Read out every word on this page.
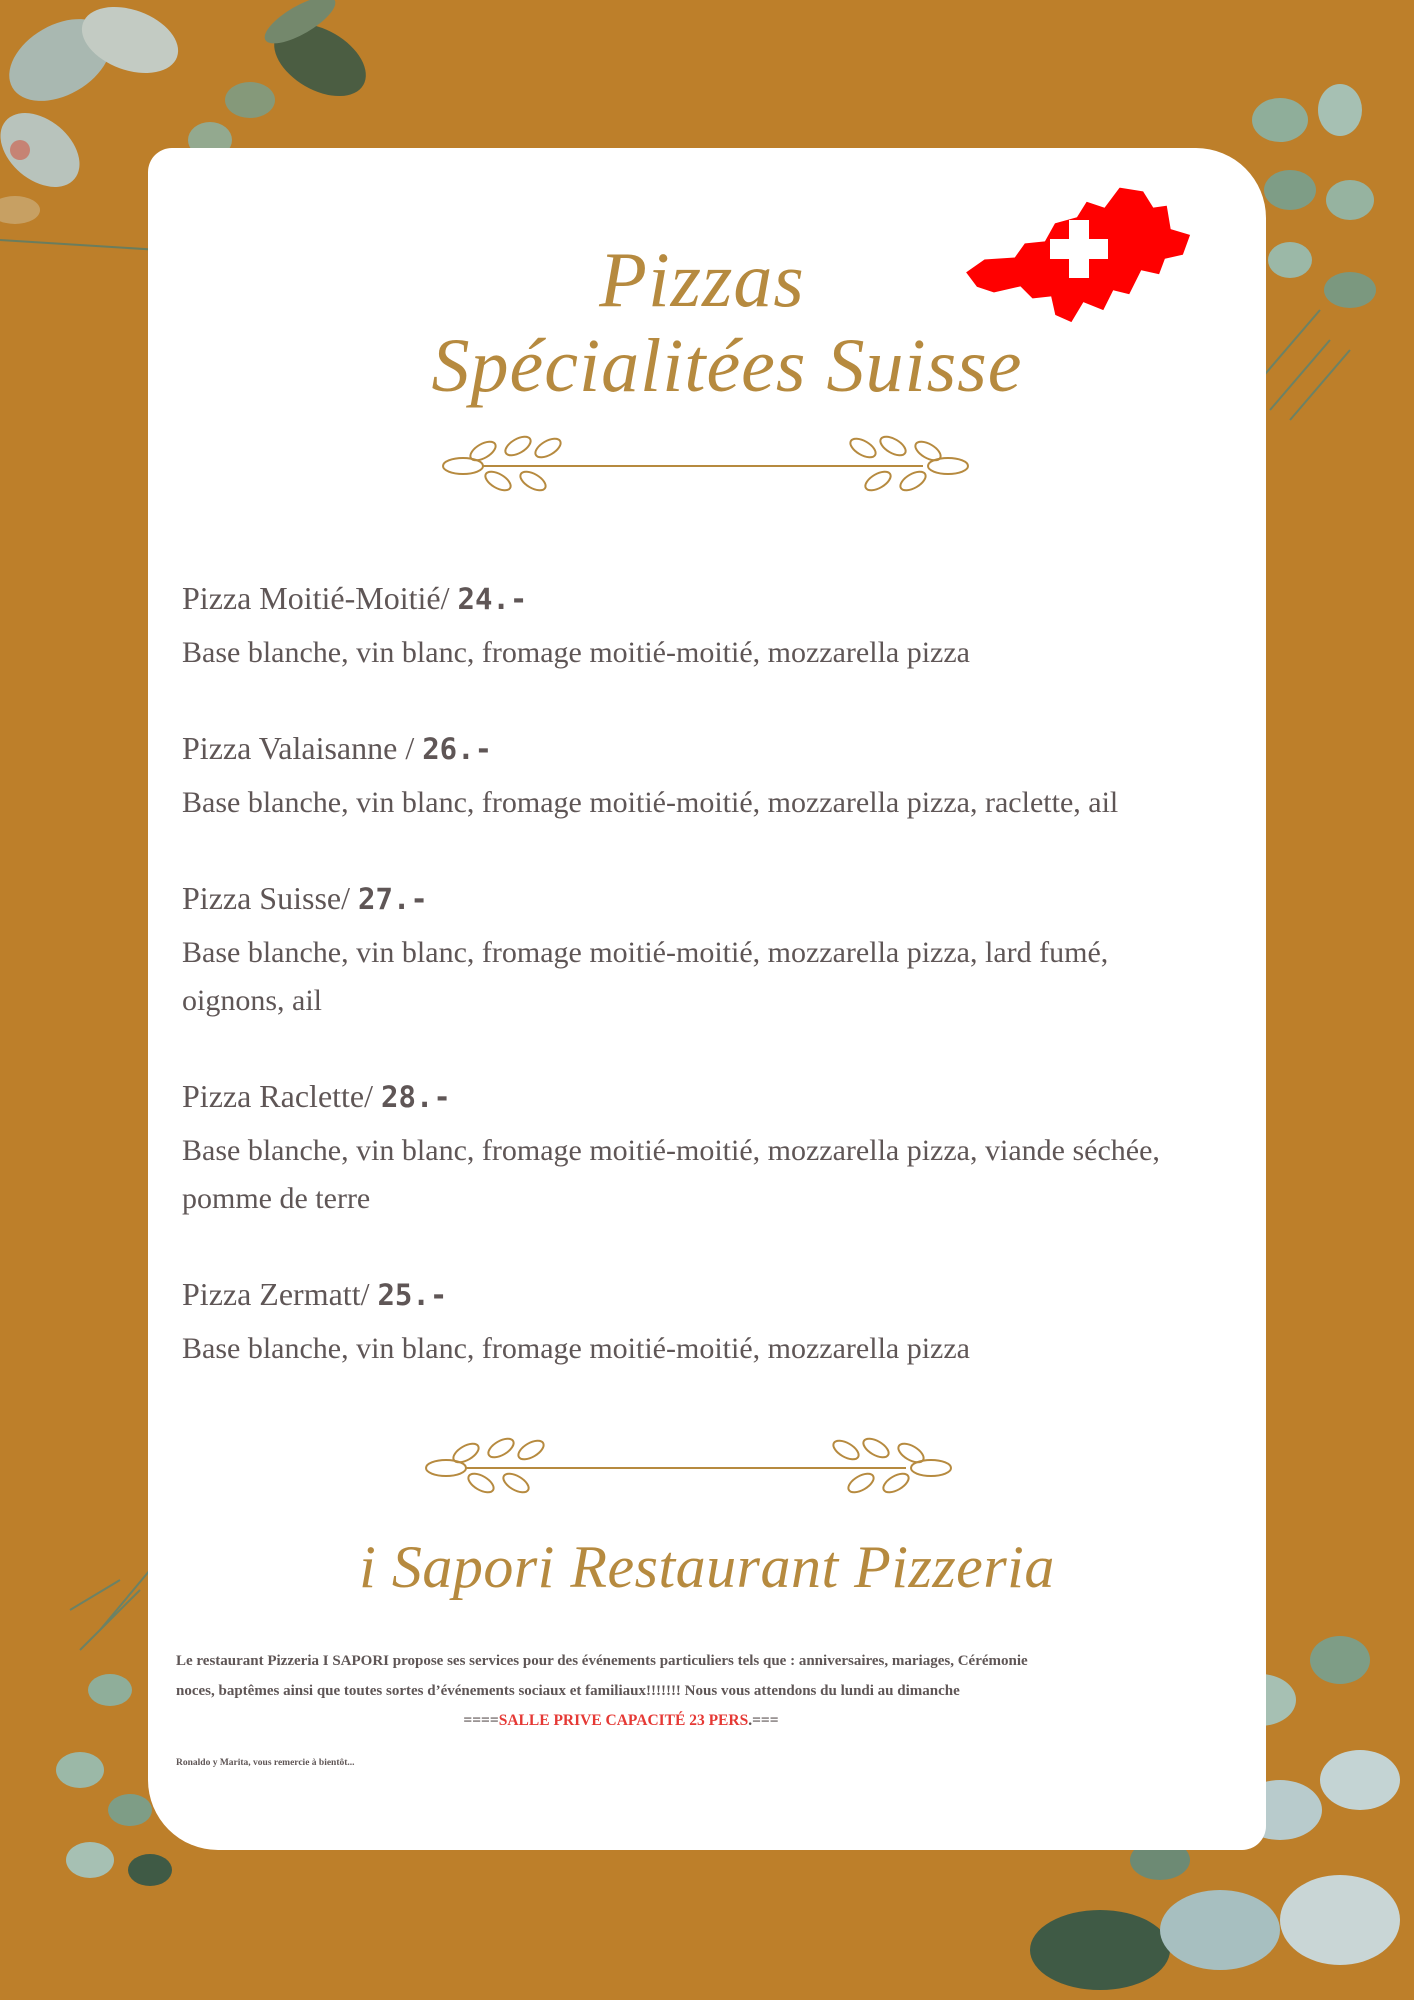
Pizzas
Spécialitées Suisse
Pizza Moitié-Moitié/ 24.-
Base blanche, vin blanc, fromage moitié-moitié, mozzarella pizza
Pizza Valaisanne / 26.-
Base blanche, vin blanc, fromage moitié-moitié, mozzarella pizza, raclette, ail
Pizza Suisse/ 27.-
Base blanche, vin blanc, fromage moitié-moitié, mozzarella pizza, lard fumé,
oignons, ail
Pizza Raclette/ 28.-
Base blanche, vin blanc, fromage moitié-moitié, mozzarella pizza, viande séchée,
pomme de terre
Pizza Zermatt/ 25.-
Base blanche, vin blanc, fromage moitié-moitié, mozzarella pizza
i Sapori Restaurant Pizzeria
Le restaurant Pizzeria I SAPORI propose ses services pour des événements particuliers tels que : anniversaires, mariages, Cérémonie
noces, baptêmes ainsi que toutes sortes d’événements sociaux et familiaux!!!!!!! Nous vous attendons du lundi au dimanche
====SALLE PRIVE CAPACITÉ 23 PERS.===
Ronaldo y Marita, vous remercie à bientôt...
